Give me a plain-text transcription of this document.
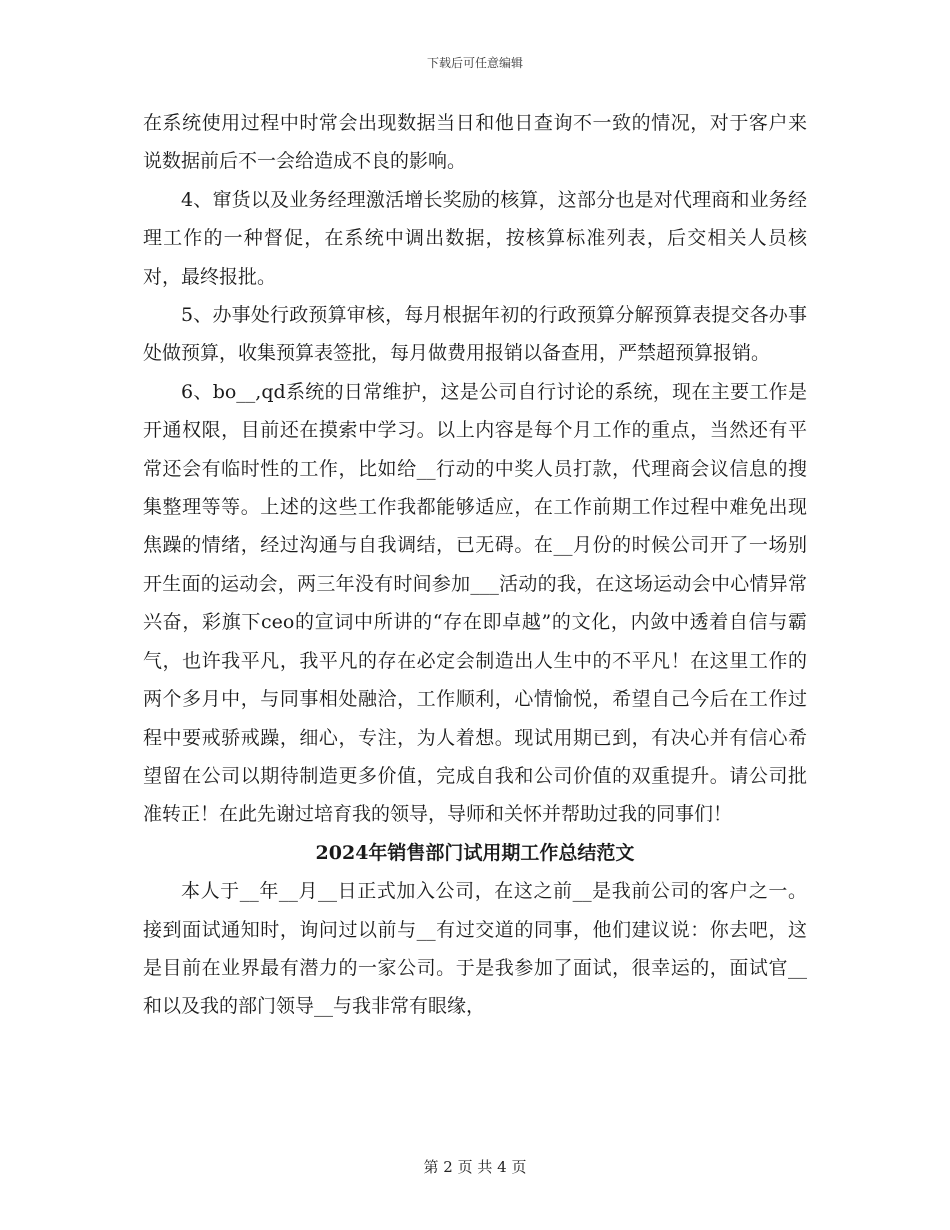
下载后可任意编辑

在系统使用过程中时常会出现数据当日和他日查询不一致的情况，对于客户来说数据前后不一会给造成不良的影响。

4、窜货以及业务经理激活增长奖励的核算，这部分也是对代理商和业务经理工作的一种督促，在系统中调出数据，按核算标准列表，后交相关人员核对，最终报批。

5、办事处行政预算审核，每月根据年初的行政预算分解预算表提交各办事处做预算，收集预算表签批，每月做费用报销以备查用，严禁超预算报销。

6、bo__,qd系统的日常维护，这是公司自行讨论的系统，现在主要工作是开通权限，目前还在摸索中学习。以上内容是每个月工作的重点，当然还有平常还会有临时性的工作，比如给__行动的中奖人员打款，代理商会议信息的搜集整理等等。上述的这些工作我都能够适应，在工作前期工作过程中难免出现焦躁的情绪，经过沟通与自我调结，已无碍。在__月份的时候公司开了一场别开生面的运动会，两三年没有时间参加___活动的我，在这场运动会中心情异常兴奋，彩旗下ceo的宣词中所讲的“存在即卓越”的文化，内敛中透着自信与霸气，也许我平凡，我平凡的存在必定会制造出人生中的不平凡！在这里工作的两个多月中，与同事相处融洽，工作顺利，心情愉悦，希望自己今后在工作过程中要戒骄戒躁，细心，专注，为人着想。现试用期已到，有决心并有信心希望留在公司以期待制造更多价值，完成自我和公司价值的双重提升。请公司批准转正！在此先谢过培育我的领导，导师和关怀并帮助过我的同事们！

2024年销售部门试用期工作总结范文

本人于__年__月__日正式加入公司，在这之前__是我前公司的客户之一。接到面试通知时，询问过以前与__有过交道的同事，他们建议说：你去吧，这是目前在业界最有潜力的一家公司。于是我参加了面试，很幸运的，面试官__和以及我的部门领导__与我非常有眼缘，

第 2 页 共 4 页
